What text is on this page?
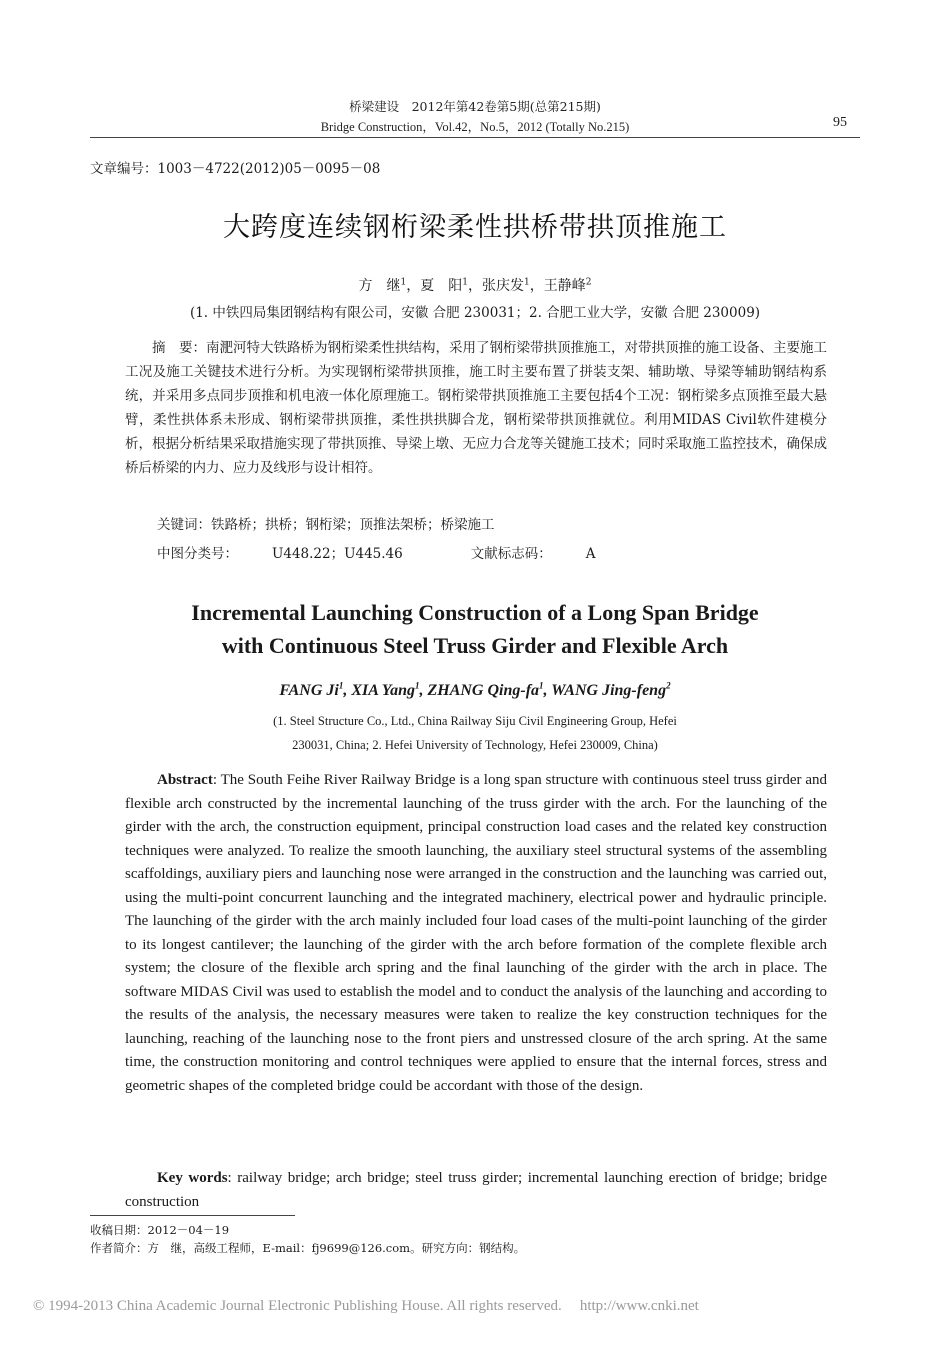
桥梁建设　2012年第42卷第5期(总第215期)
Bridge Construction，Vol.42，No.5，2012 (Totally No.215)	95
文章编号：1003－4722(2012)05－0095－08
大跨度连续钢桁梁柔性拱桥带拱顶推施工
方　继$^1$，夏　阳$^1$，张庆发$^1$，王静峰$^2$
(1. 中铁四局集团钢结构有限公司，安徽 合肥 230031；2. 合肥工业大学，安徽 合肥 230009)
摘　要：南淝河特大铁路桥为钢桁梁柔性拱结构，采用了钢桁梁带拱顶推施工，对带拱顶推的施工设备、主要施工工况及施工关键技术进行分析。为实现钢桁梁带拱顶推，施工时主要布置了拼装支架、辅助墩、导梁等辅助钢结构系统，并采用多点同步顶推和机电液一体化原理施工。钢桁梁带拱顶推施工主要包括4个工况：钢桁梁多点顶推至最大悬臂，柔性拱体系未形成、钢桁梁带拱顶推，柔性拱拱脚合龙，钢桁梁带拱顶推就位。利用MIDAS Civil软件建模分析，根据分析结果采取措施实现了带拱顶推、导梁上墩、无应力合龙等关键施工技术；同时采取施工监控技术，确保成桥后桥梁的内力、应力及线形与设计相符。
关键词：铁路桥；拱桥；钢桁梁；顶推法架桥；桥梁施工
中图分类号：	U448.22；U445.46	文献标志码：	A
Incremental Launching Construction of a Long Span Bridge
with Continuous Steel Truss Girder and Flexible Arch
FANG Ji$^1$, XIA Yang$^1$, ZHANG Qing-$fa^1$, WANG Jing-feng$^2$
(1. Steel Structure Co., Ltd., China Railway Siju Civil Engineering Group, Hefei
230031, China; 2. Hefei University of Technology, Hefei 230009, China)
Abstract: The South Feihe River Railway Bridge is a long span structure with continuous steel truss girder and flexible arch constructed by the incremental launching of the truss girder with the arch. For the launching of the girder with the arch, the construction equipment, principal construction load cases and the related key construction techniques were analyzed. To realize the smooth launching, the auxiliary steel structural systems of the assembling scaffoldings, auxiliary piers and launching nose were arranged in the construction and the launching was carried out, using the multi-point concurrent launching and the integrated machinery, electrical power and hydraulic principle. The launching of the girder with the arch mainly included four load cases of the multi-point launching of the girder to its longest cantilever; the launching of the girder with the arch before formation of the complete flexible arch system; the closure of the flexible arch spring and the final launching of the girder with the arch in place. The software MIDAS Civil was used to establish the model and to conduct the analysis of the launching and according to the results of the analysis, the necessary measures were taken to realize the key construction techniques for the launching, reaching of the launching nose to the front piers and unstressed closure of the arch spring. At the same time, the construction monitoring and control techniques were applied to ensure that the internal forces, stress and geometric shapes of the completed bridge could be accordant with those of the design.
Key words: railway bridge; arch bridge; steel truss girder; incremental launching erection of bridge; bridge construction
收稿日期：2012－04－19
作者简介：方　继，高级工程师，E-mail：fj9699@126.com。研究方向：钢结构。
© 1994-2013 China Academic Journal Electronic Publishing House. All rights reserved. http://www.cnki.net
